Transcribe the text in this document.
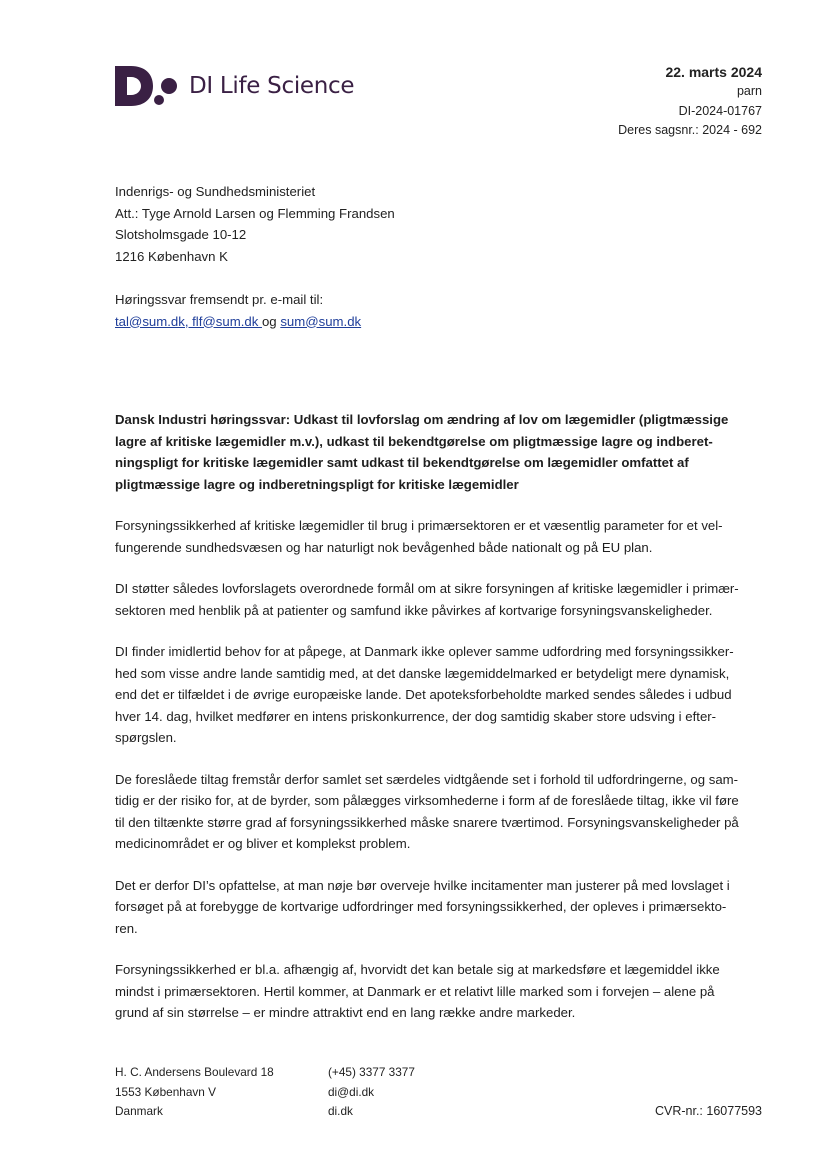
DI Life Science
22. marts 2024
parn
DI-2024-01767
Deres sagsnr.: 2024 - 692

Indenrigs- og Sundhedsministeriet

Att.: Tyge Arnold Larsen og Flemming Frandsen

Slotsholmsgade 10-12

1216 København K

Høringssvar fremsendt pr. e-mail til:

tal@sum.dk, flf@sum.dk og sum@sum.dk

Dansk Industri høringssvar: Udkast til lovforslag om ændring af lov om lægemidler (pligtmæssige
lagre af kritiske lægemidler m.v.), udkast til bekendtgørelse om pligtmæssige lagre og indberet-
ningspligt for kritiske lægemidler samt udkast til bekendtgørelse om lægemidler omfattet af
pligtmæssige lagre og indberetningspligt for kritiske lægemidler
Forsyningssikkerhed af kritiske lægemidler til brug i primærsektoren er et væsentlig parameter for et vel-
fungerende sundhedsvæsen og har naturligt nok bevågenhed både nationalt og på EU plan.
DI støtter således lovforslagets overordnede formål om at sikre forsyningen af kritiske lægemidler i primær-
sektoren med henblik på at patienter og samfund ikke påvirkes af kortvarige forsyningsvanskeligheder.
DI finder imidlertid behov for at påpege, at Danmark ikke oplever samme udfordring med forsyningssikker-
hed som visse andre lande samtidig med, at det danske lægemiddelmarked er betydeligt mere dynamisk,
end det er tilfældet i de øvrige europæiske lande. Det apoteksforbeholdte marked sendes således i udbud
hver 14. dag, hvilket medfører en intens priskonkurrence, der dog samtidig skaber store udsving i efter-
spørgslen.
De foreslåede tiltag fremstår derfor samlet set særdeles vidtgående set i forhold til udfordringerne, og sam-
tidig er der risiko for, at de byrder, som pålægges virksomhederne i form af de foreslåede tiltag, ikke vil føre
til den tiltænkte større grad af forsyningssikkerhed måske snarere tværtimod. Forsyningsvanskeligheder på
medicinområdet er og bliver et komplekst problem.
Det er derfor DI’s opfattelse, at man nøje bør overveje hvilke incitamenter man justerer på med lovslaget i
forsøget på at forebygge de kortvarige udfordringer med forsyningssikkerhed, der opleves i primærsekto-
ren.
Forsyningssikkerhed er bl.a. afhængig af, hvorvidt det kan betale sig at markedsføre et lægemiddel ikke
mindst i primærsektoren. Hertil kommer, at Danmark er et relativt lille marked som i forvejen – alene på
grund af sin størrelse – er mindre attraktivt end en lang række andre markeder.

H. C. Andersens Boulevard 18

1553 København V

Danmark

(+45) 3377 3377

di@di.dk

di.dk	CVR-nr.: 16077593
